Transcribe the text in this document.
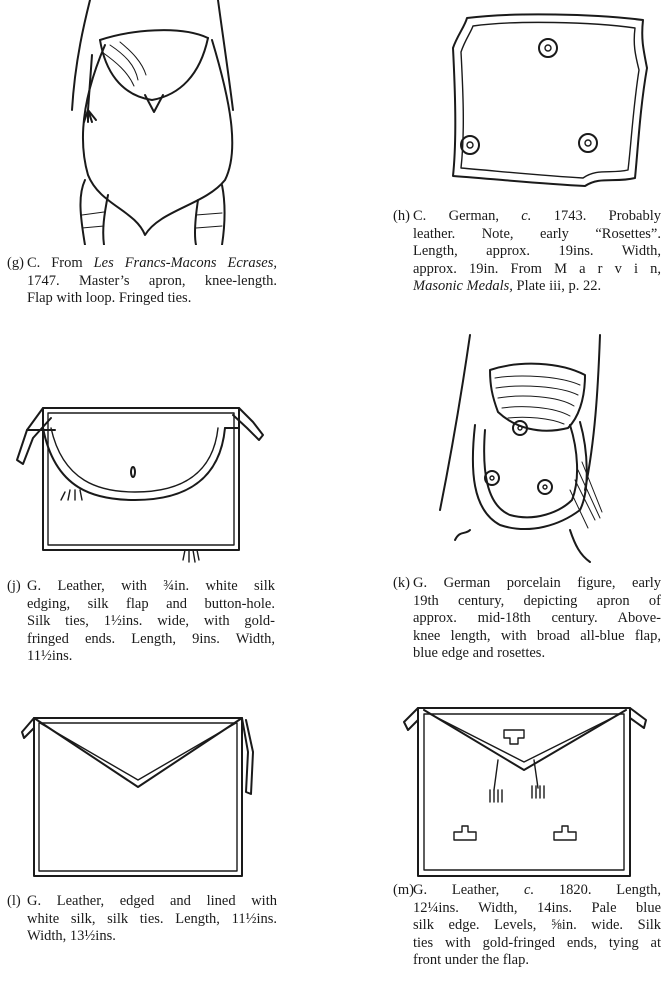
(g) C. From Les Francs-Macons Ecrases,
1747. Master’s apron, knee-length.
Flap with loop. Fringed ties.
(h) C. German, c. 1743. Probably
leather. Note, early “Rosettes”.
Length, approx. 19ins. Width,
approx. 19in. From M a r v i n,
Masonic Medals, Plate iii, p. 22.
(j) G. Leather, with ¾in. white silk
edging, silk flap and button-hole.
Silk ties, 1½ins. wide, with gold-
fringed ends. Length, 9ins. Width,
11½ins.
(k) G. German porcelain figure, early
19th century, depicting apron of
approx. mid-18th century. Above-
knee length, with broad all-blue flap,
blue edge and rosettes.
(l) G. Leather, edged and lined with
white silk, silk ties. Length, 11½ins.
Width, 13½ins.
(m) G. Leather, c. 1820. Length,
12¼ins. Width, 14ins. Pale blue
silk edge. Levels, ⅝in. wide. Silk
ties with gold-fringed ends, tying at
front under the flap.
